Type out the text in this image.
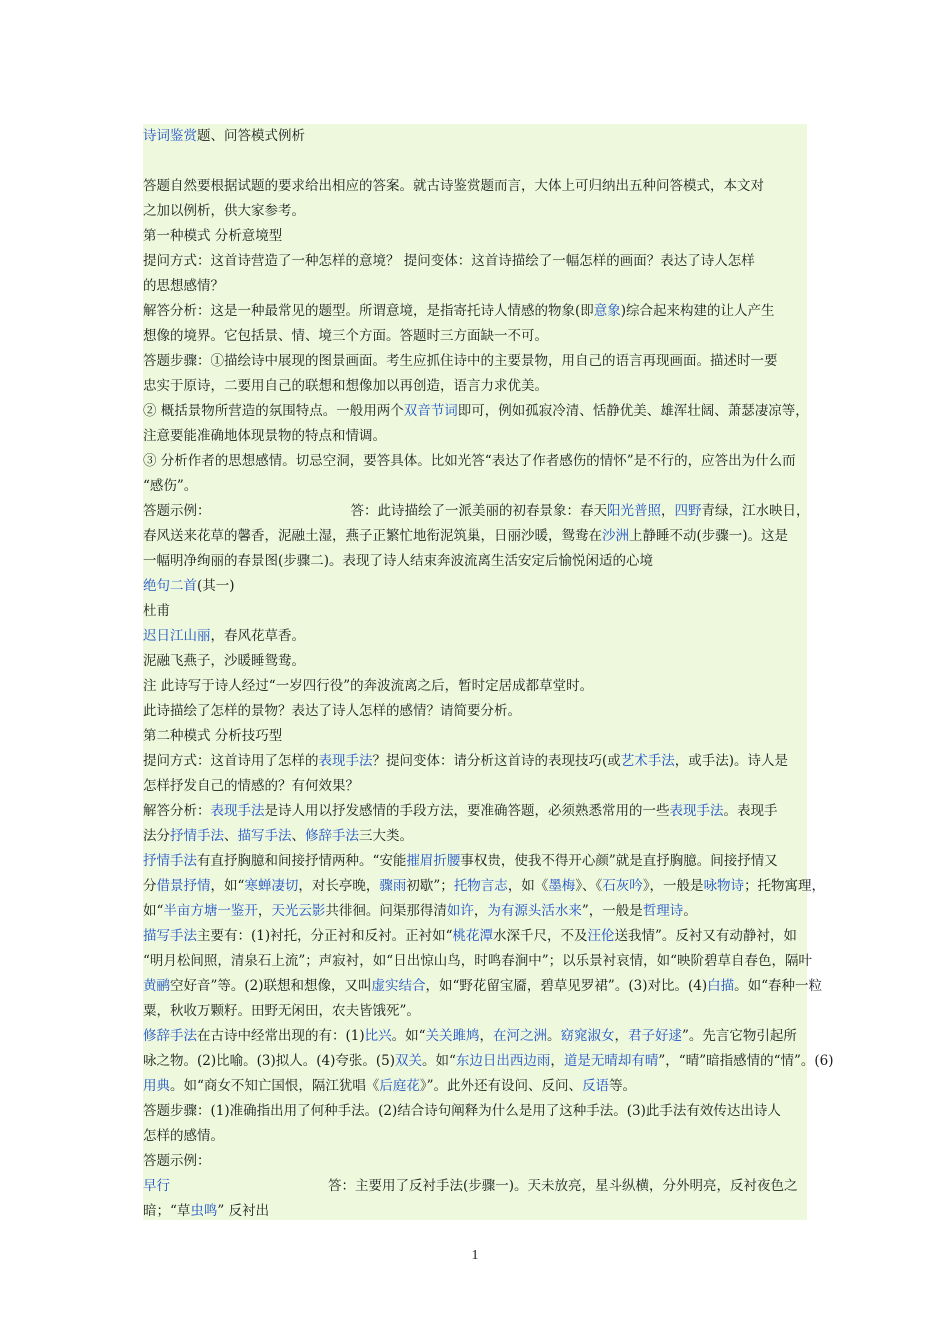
诗词鉴赏题、问答模式例析
答题自然要根据试题的要求给出相应的答案。就古诗鉴赏题而言，大体上可归纳出五种问答模式，本文对
之加以例析，供大家参考。
第一种模式 分析意境型
提问方式：这首诗营造了一种怎样的意境？ 提问变体：这首诗描绘了一幅怎样的画面？表达了诗人怎样
的思想感情？
解答分析：这是一种最常见的题型。所谓意境，是指寄托诗人情感的物象(即意象)综合起来构建的让人产生
想像的境界。它包括景、情、境三个方面。答题时三方面缺一不可。
答题步骤：①描绘诗中展现的图景画面。考生应抓住诗中的主要景物，用自己的语言再现画面。描述时一要
忠实于原诗，二要用自己的联想和想像加以再创造，语言力求优美。
② 概括景物所营造的氛围特点。一般用两个双音节词即可，例如孤寂冷清、恬静优美、雄浑壮阔、萧瑟凄凉等，
注意要能准确地体现景物的特点和情调。
③ 分析作者的思想感情。切忌空洞，要答具体。比如光答“表达了作者感伤的情怀”是不行的，应答出为什么而
“感伤”。
答题示例：	答：此诗描绘了一派美丽的初春景象：春天阳光普照，四野青绿，江水映日，
春风送来花草的馨香，泥融土湿，燕子正繁忙地衔泥筑巢，日丽沙暖，鸳鸯在沙洲上静睡不动(步骤一)。这是
一幅明净绚丽的春景图(步骤二)。表现了诗人结束奔波流离生活安定后愉悦闲适的心境
绝句二首(其一)
杜甫
迟日江山丽，春风花草香。
泥融飞燕子，沙暖睡鸳鸯。
注 此诗写于诗人经过“一岁四行役”的奔波流离之后，暂时定居成都草堂时。
此诗描绘了怎样的景物？表达了诗人怎样的感情？请简要分析。
第二种模式 分析技巧型
提问方式：这首诗用了怎样的表现手法？提问变体：请分析这首诗的表现技巧(或艺术手法，或手法)。诗人是
怎样抒发自己的情感的？有何效果？
解答分析：表现手法是诗人用以抒发感情的手段方法，要准确答题，必须熟悉常用的一些表现手法。表现手
法分抒情手法、描写手法、修辞手法三大类。
抒情手法有直抒胸臆和间接抒情两种。“安能摧眉折腰事权贵，使我不得开心颜”就是直抒胸臆。间接抒情又
分借景抒情，如“寒蝉凄切，对长亭晚，骤雨初歇”；托物言志，如《墨梅》、《石灰吟》，一般是咏物诗；托物寓理，
如“半亩方塘一鉴开，天光云影共徘徊。问渠那得清如许，为有源头活水来”，一般是哲理诗。
描写手法主要有：(1)衬托，分正衬和反衬。正衬如“桃花潭水深千尺，不及汪伦送我情”。反衬又有动静衬，如
“明月松间照，清泉石上流”；声寂衬，如“日出惊山鸟，时鸣春涧中”；以乐景衬哀情，如“映阶碧草自春色，隔叶
黄鹂空好音”等。(2)联想和想像，又叫虚实结合，如“野花留宝靥，碧草见罗裙”。(3)对比。(4)白描。如“春种一粒
粟，秋收万颗籽。田野无闲田，农夫皆饿死”。
修辞手法在古诗中经常出现的有：(1)比兴。如“关关雎鸠，在河之洲。窈窕淑女，君子好逑”。先言它物引起所
咏之物。(2)比喻。(3)拟人。(4)夸张。(5)双关。如“东边日出西边雨，道是无晴却有晴”，“晴”暗指感情的“情”。(6)
用典。如“商女不知亡国恨，隔江犹唱《后庭花》”。此外还有设问、反问、反语等。
答题步骤：(1)准确指出用了何种手法。(2)结合诗句阐释为什么是用了这种手法。(3)此手法有效传达出诗人
怎样的感情。
答题示例：
早行	答：主要用了反衬手法(步骤一)。天未放亮，星斗纵横，分外明亮，反衬夜色之
暗；“草虫鸣” 反衬出
1
